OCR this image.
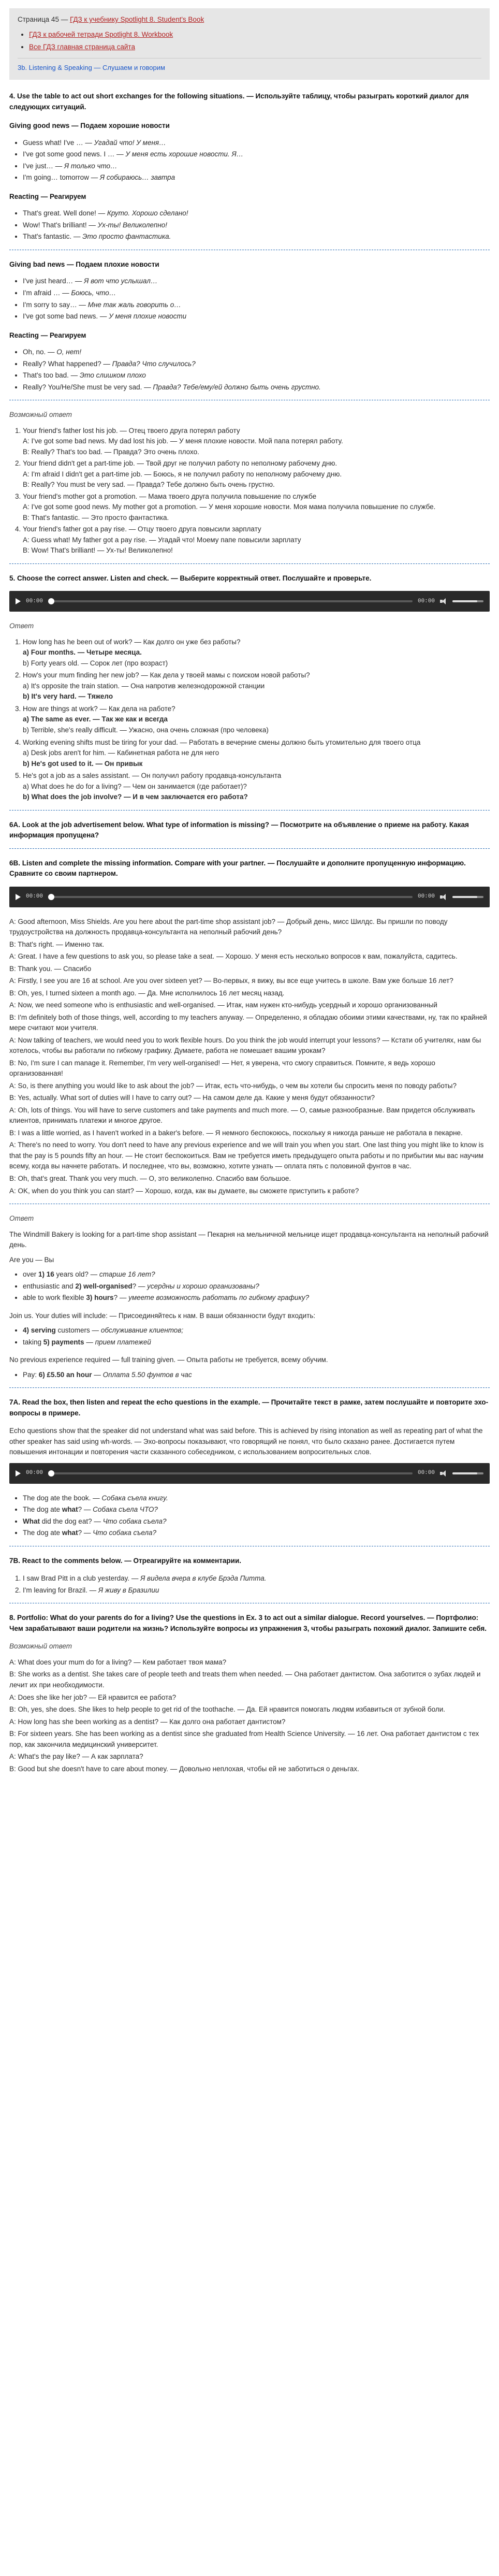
Страница 45 — ГДЗ к учебнику Spotlight 8. Student's Book
• ГДЗ к рабочей тетради Spotlight 8. Workbook
• Все ГДЗ главная страница сайта
3b. Listening & Speaking — Слушаем и говорим
4. Use the table to act out short exchanges for the following situations. — Используйте таблицу, чтобы разыграть короткий диалог для следующих ситуаций.
Giving good news — Подаем хорошие новости
• Guess what! I've … — Угадай что! У меня…
• I've got some good news. I … — У меня есть хорошие новости. Я…
• I've just… — Я только что…
• I'm going… tomorrow — Я собираюсь… завтра
Reacting — Реагируем
• That's great. Well done! — Круто. Хорошо сделано!
• Wow! That's brilliant! — Ух-ты! Великолепно!
• That's fantastic. — Это просто фантастика.
Giving bad news — Подаем плохие новости
• I've just heard… — Я вот что услышал…
• I'm afraid … — Боюсь, что…
• I'm sorry to say… — Мне так жаль говорить о…
• I've got some bad news. — У меня плохие новости
Reacting — Реагируем
• Oh, no. — О, нет!
• Really? What happened? — Правда? Что случилось?
• That's too bad. — Это слишком плохо
• Really? You/He/She must be very sad. — Правда? Тебе/ему/ей должно быть очень грустно.
Возможный ответ
1. Your friend's father lost his job. — Отец твоего друга потерял работу
A: I've got some bad news. My dad lost his job. — У меня плохие новости. Мой папа потерял работу.
B: Really? That's too bad. — Правда? Это очень плохо.
2. Your friend didn't get a part-time job. — Твой друг не получил работу по неполному рабочему дню.
A: I'm afraid I didn't get a part-time job. — Боюсь, я не получил работу по неполному рабочему дню.
B: Really? You must be very sad. — Правда? Тебе должно быть очень грустно.
3. Your friend's mother got a promotion. — Мама твоего друга получила повышение по службе
A: I've got some good news. My mother got a promotion. — У меня хорошие новости. Моя мама получила повышение по службе.
B: That's fantastic. — Это просто фантастика.
4. Your friend's father got a pay rise. — Отцу твоего друга повысили зарплату
A: Guess what! My father got a pay rise. — Угадай что! Моему папе повысили зарплату
B: Wow! That's brilliant! — Ух-ты! Великолепно!
5. Choose the correct answer. Listen and check. — Выберите корректный ответ. Послушайте и проверьте.
00:00	00:00
Ответ
1. How long has he been out of work? — Как долго он уже без работы?
a) Four months. — Четыре месяца.
b) Forty years old. — Сорок лет (про возраст)
2. How's your mum finding her new job? — Как дела у твоей мамы с поиском новой работы?
a) It's opposite the train station. — Она напротив железнодорожной станции
b) It's very hard. — Тяжело
3. How are things at work? — Как дела на работе?
a) The same as ever. — Так же как и всегда
b) Terrible, she's really difficult. — Ужасно, она очень сложная (про человека)
4. Working evening shifts must be tiring for your dad. — Работать в вечерние смены должно быть утомительно для твоего отца
a) Desk jobs aren't for him. — Кабинетная работа не для него
b) He's got used to it. — Он привык
5. He's got a job as a sales assistant. — Он получил работу продавца-консультанта
a) What does he do for a living? — Чем он занимается (где работает)?
b) What does the job involve? — И в чем заключается его работа?
6A. Look at the job advertisement below. What type of information is missing? — Посмотрите на объявление о приеме на работу. Какая информация пропущена?
6B. Listen and complete the missing information. Compare with your partner. — Послушайте и дополните пропущенную информацию. Сравните со своим партнером.
00:00	00:00

A: Good afternoon, Miss Shields. Are you here about the part-time shop assistant job? — Добрый день, мисс Шилдс. Вы пришли по поводу трудоустройства на должность продавца-консультанта на неполный рабочий день?

B: That's right. — Именно так.

A: Great. I have a few questions to ask you, so please take a seat. — Хорошо. У меня есть несколько вопросов к вам, пожалуйста, садитесь.

B: Thank you. — Спасибо

A: Firstly, I see you are 16 at school. Are you over sixteen yet? — Во-первых, я вижу, вы все еще учитесь в школе. Вам уже больше 16 лет?

B: Oh, yes, I turned sixteen a month ago. — Да. Мне исполнилось 16 лет месяц назад.

A: Now, we need someone who is enthusiastic and well-organised. — Итак, нам нужен кто-нибудь усердный и хорошо организованный

B: I'm definitely both of those things, well, according to my teachers anyway. — Определенно, я обладаю обоими этими качествами, ну, так по крайней мере считают мои учителя.

A: Now talking of teachers, we would need you to work flexible hours. Do you think the job would interrupt your lessons? — Кстати об учителях, нам бы хотелось, чтобы вы работали по гибкому графику. Думаете, работа не помешает вашим урокам?

B: No, I'm sure I can manage it. Remember, I'm very well-organised! — Нет, я уверена, что смогу справиться. Помните, я ведь хорошо организованная!

A: So, is there anything you would like to ask about the job? — Итак, есть что-нибудь, о чем вы хотели бы спросить меня по поводу работы?

B: Yes, actually. What sort of duties will I have to carry out? — На самом деле да. Какие у меня будут обязанности?

A: Oh, lots of things. You will have to serve customers and take payments and much more. — О, самые разнообразные. Вам придется обслуживать клиентов, принимать платежи и многое другое.

B: I was a little worried, as I haven't worked in a baker's before. — Я немного беспокоюсь, поскольку я никогда раньше не работала в пекарне.

A: There's no need to worry. You don't need to have any previous experience and we will train you when you start. One last thing you might like to know is that the pay is 5 pounds fifty an hour. — Не стоит беспокоиться. Вам не требуется иметь предыдущего опыта работы и по прибытии мы вас научим всему, когда вы начнете работать. И последнее, что вы, возможно, хотите узнать — оплата пять с половиной фунтов в час.

B: Oh, that's great. Thank you very much. — О, это великолепно. Спасибо вам большое.

A: OK, when do you think you can start? — Хорошо, когда, как вы думаете, вы сможете приступить к работе?

Ответ
The Windmill Bakery is looking for a part-time shop assistant — Пекарня на мельничной мельнице ищет продавца-консультанта на неполный рабочий день.
Are you — Вы
• over 1) 16 years old? — старше 16 лет?
• enthusiastic and 2) well-organised? — усердны и хорошо организованы?
• able to work flexible 3) hours? — умеете возможность работать по гибкому графику?
Join us. Your duties will include: — Присоединяйтесь к нам. В ваши обязанности будут входить:
• 4) serving customers — обслуживание клиентов;
• taking 5) payments — прием платежей
No previous experience required — full training given. — Опыта работы не требуется, всему обучим.
• Pay: 6) £5.50 an hour — Оплата 5.50 фунтов в час
7A. Read the box, then listen and repeat the echo questions in the example. — Прочитайте текст в рамке, затем послушайте и повторите эхо-вопросы в примере.
Echo questions show that the speaker did not understand what was said before. This is achieved by rising intonation as well as repeating part of what the other speaker has said using wh-words. — Эхо-вопросы показывают, что говорящий не понял, что было сказано ранее. Достигается путем повышения интонации и повторения части сказанного собеседником, с использованием вопросительных слов.
00:00	00:00
• The dog ate the book. — Собака съела книгу.
• The dog ate what? — Собака съела ЧТО?
• What did the dog eat? — Что собака съела?
• The dog ate what? — Что собака съела?
7B. React to the comments below. — Отреагируйте на комментарии.
1. I saw Brad Pitt in a club yesterday. — Я видела вчера в клубе Брэда Питта.
2. I'm leaving for Brazil. — Я живу в Бразилии
8. Portfolio: What do your parents do for a living? Use the questions in Ex. 3 to act out a similar dialogue. Record yourselves. — Портфолио: Чем зарабатывают ваши родители на жизнь? Используйте вопросы из упражнения 3, чтобы разыграть похожий диалог. Запишите себя.
Возможный ответ

A: What does your mum do for a living? — Кем работает твоя мама?

B: She works as a dentist. She takes care of people teeth and treats them when needed. — Она работает дантистом. Она заботится о зубах людей и лечит их при необходимости.

A: Does she like her job? — Ей нравится ее работа?

B: Oh, yes, she does. She likes to help people to get rid of the toothache. — Да. Ей нравится помогать людям избавиться от зубной боли.

A: How long has she been working as a dentist? — Как долго она работает дантистом?

B: For sixteen years. She has been working as a dentist since she graduated from Health Science University. — 16 лет. Она работает дантистом с тех пор, как закончила медицинский университет.

A: What's the pay like? — А как зарплата?

B: Good but she doesn't have to care about money. — Довольно неплохая, чтобы ей не заботиться о деньгах.
